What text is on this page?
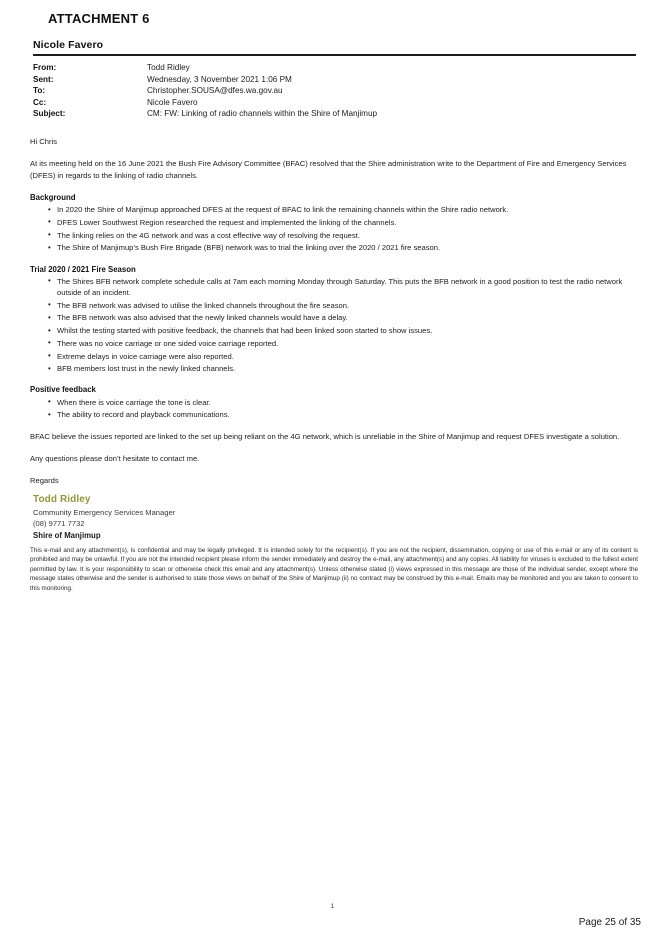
ATTACHMENT 6
Nicole Favero
From:	Todd Ridley
Sent:	Wednesday, 3 November 2021 1:06 PM
To:	Christopher.SOUSA@dfes.wa.gov.au
Cc:	Nicole Favero
Subject:	CM: FW: Linking of radio channels within the Shire of Manjimup

Hi Chris

At its meeting held on the 16 June 2021 the Bush Fire Advisory Committee (BFAC) resolved that the Shire administration write to the Department of Fire and Emergency Services (DFES) in regards to the linking of radio channels.

Background
• In 2020 the Shire of Manjimup approached DFES at the request of BFAC to link the remaining channels within the Shire radio network.
• DFES Lower Southwest Region researched the request and implemented the linking of the channels.
• The linking relies on the 4G network and was a cost effective way of resolving the request.
• The Shire of Manjimup’s Bush Fire Brigade (BFB) network was to trial the linking over the 2020 / 2021 fire season.
Trial 2020 / 2021 Fire Season
• The Shires BFB network complete schedule calls at 7am each morning Monday through Saturday. This puts the BFB network in a good position to test the radio network outside of an incident.
• The BFB network was advised to utilise the linked channels throughout the fire season.
• The BFB network was also advised that the newly linked channels would have a delay.
• Whilst the testing started with positive feedback, the channels that had been linked soon started to show issues.
• There was no voice carriage or one sided voice carriage reported.
• Extreme delays in voice carriage were also reported.
• BFB members lost trust in the newly linked channels.
Positive feedback
• When there is voice carriage the tone is clear.
• The ability to record and playback communications.

BFAC believe the issues reported are linked to the set up being reliant on the 4G network, which is unreliable in the Shire of Manjimup and request DFES investigate a solution.

Any questions please don’t hesitate to contact me.

Regards

Todd Ridley
Community Emergency Services Manager
(08) 9771 7732
Shire of Manjimup
This e-mail and any attachment(s), is confidential and may be legally privileged. It is intended solely for the recipient(s). If you are not the recipient, dissemination, copying or use of this e-mail or any of its content is prohibited and may be unlawful. If you are not the intended recipient please inform the sender immediately and destroy the e-mail, any attachment(s) and any copies. All liability for viruses is excluded to the fullest extent permitted by law. It is your responsibility to scan or otherwise check this email and any attachment(s). Unless otherwise stated (i) views expressed in this message are those of the individual sender, except where the message states otherwise and the sender is authorised to state those views on behalf of the Shire of Manjimup (ii) no contract may be construed by this e-mail. Emails may be monitored and you are taken to consent to this monitoring.
1
Page 25 of 35
